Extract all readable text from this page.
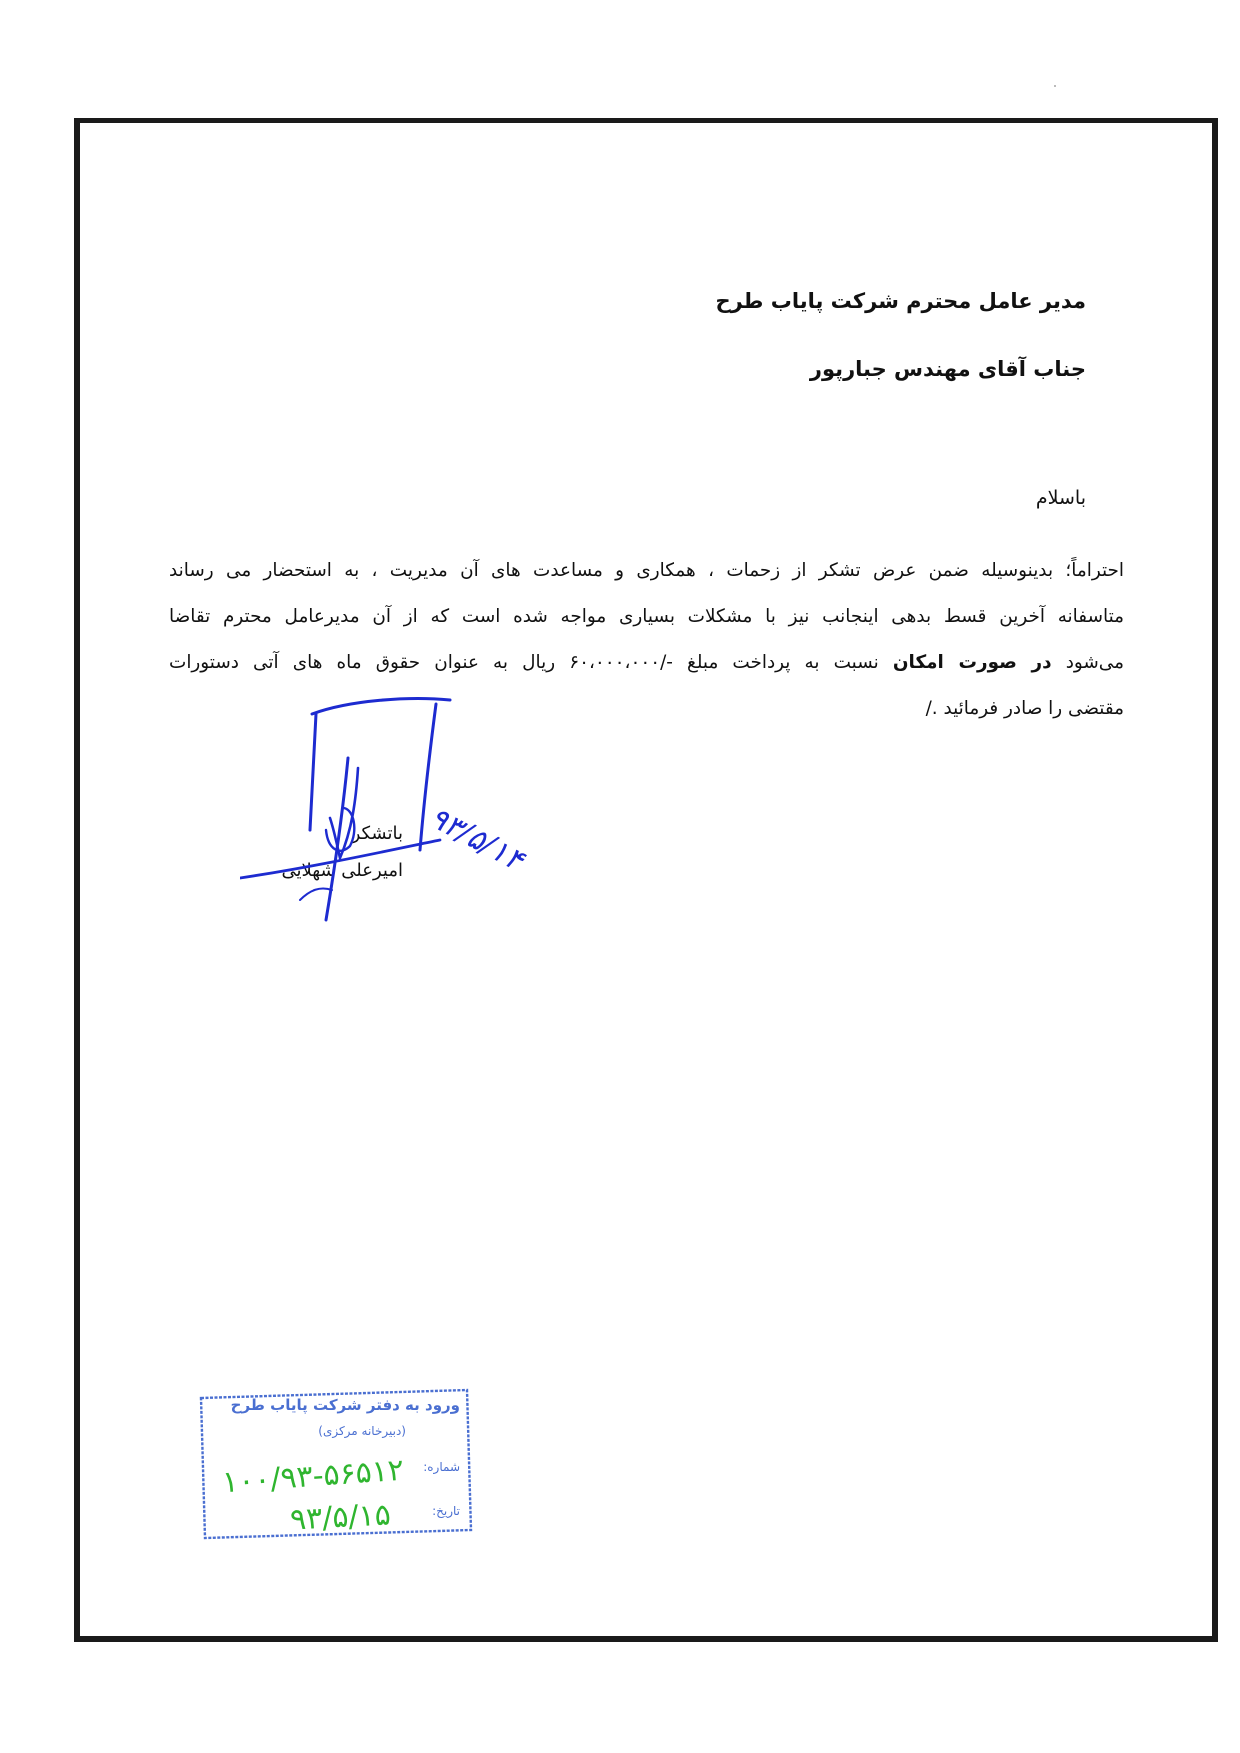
مدیر عامل محترم شرکت پایاب طرح
جناب آقای مهندس جبارپور
باسلام
احتراماً؛ بدینوسیله ضمن عرض تشکر از زحمات ، همکاری و مساعدت های آن مدیریت ، به استحضار می رساند
متاسفانه آخرین قسط بدهی اینجانب نیز با مشکلات بسیاری مواجه شده است که از آن مدیرعامل محترم تقاضا
می‌شود در صورت امکان نسبت به پرداخت مبلغ -/۶۰،۰۰۰،۰۰۰ ریال به عنوان حقوق ماه های آتی دستورات
مقتضی را صادر فرمائید ./
باتشکر
امیرعلی شهلایی ۹۳/۵/۱۴
ورود به دفتر شرکت پایاب طرح
(دبیرخانه مرکزی)
شماره:
تاریخ:
۱۰۰/۹۳-۵۶۵۱۲
۹۳/۵/۱۵
